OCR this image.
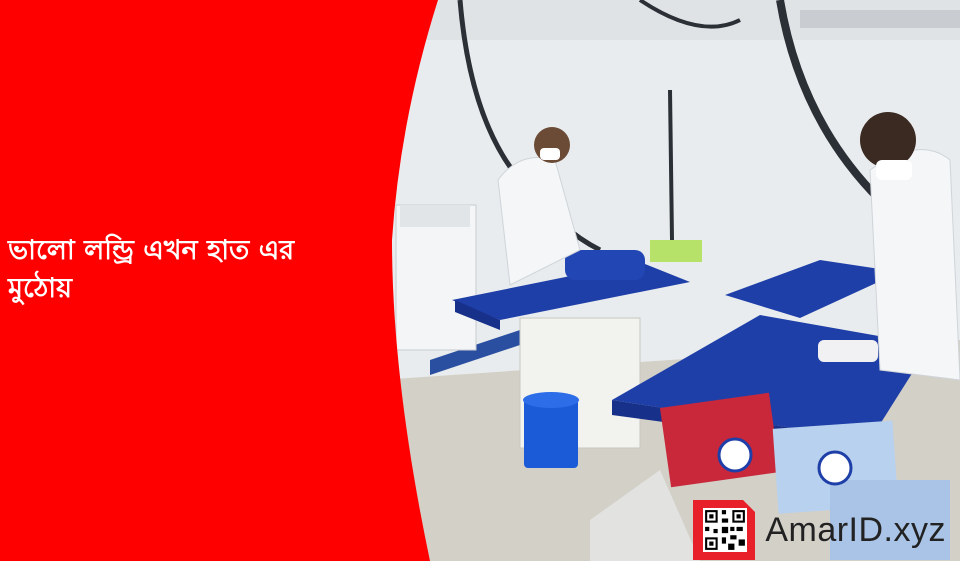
ভালো লন্ড্রি এখন হাত এর
মুঠোয়
AmarID.xyz
